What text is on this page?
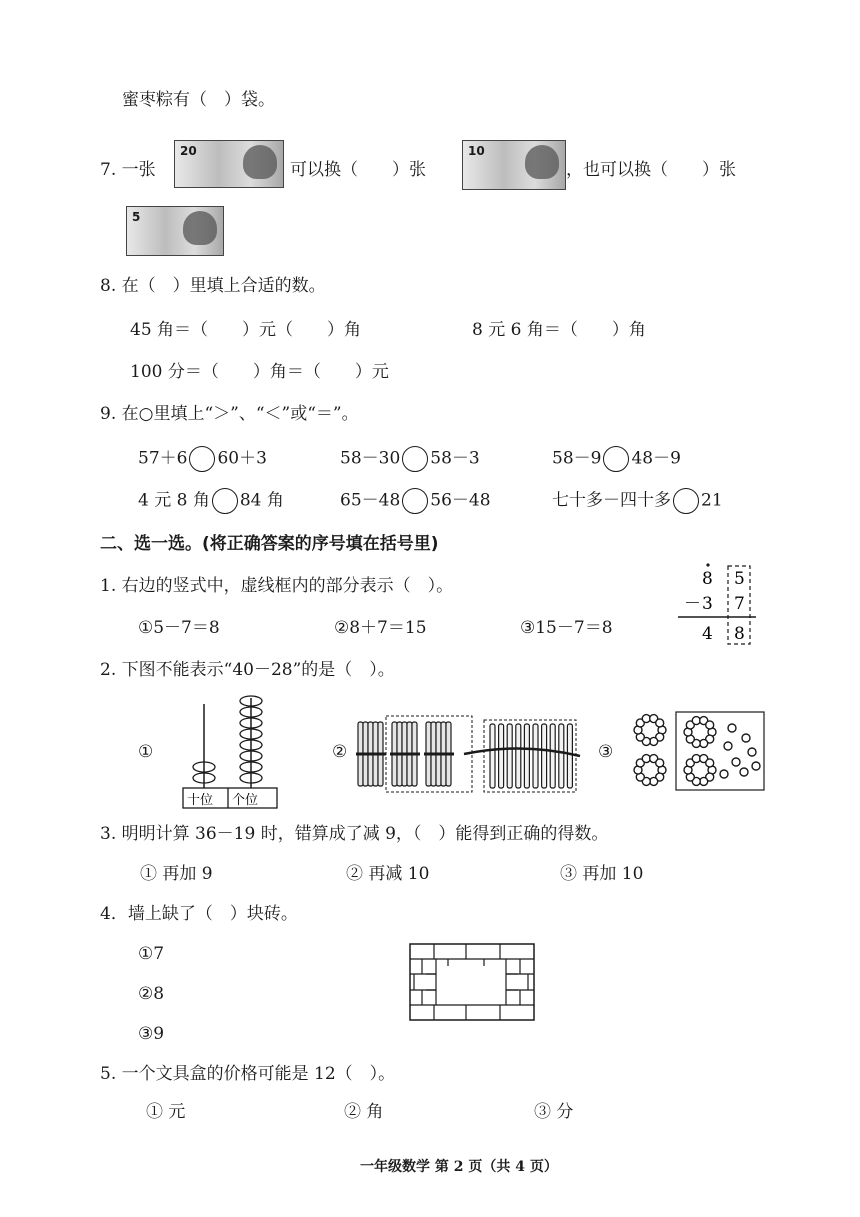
蜜枣粽有（　）袋。
7. 一张
20
可以换（　　）张
10
，也可以换（　　）张
5
8. 在（　）里填上合适的数。
45 角＝（　　）元（　　）角	8 元 6 角＝（　　）角
100 分＝（　　）角＝（　　）元
9. 在○里填上“＞”、“＜”或“＝”。
57＋6 60＋3	58－30 58－3	58－9 48－9
4 元 8 角 84 角	65－48 56－48	七十多－四十多 21
二、选一选。(将正确答案的序号填在括号里)
1. 右边的竖式中，虚线框内的部分表示（　）。
①5－7＝8	②8＋7＝15	③15－7＝8
8 5
－ 3 7
4 8
2. 下图不能表示“40－28”的是（　）。
①
十位 个位
②	③
3. 明明计算 36－19 时，错算成了减 9，（　）能得到正确的得数。
① 再加 9	② 再减 10	③ 再加 10
4．墙上缺了（　）块砖。
①7
②8
③9
5. 一个文具盒的价格可能是 12（　）。
① 元	② 角	③ 分
一年级数学 第 2 页（共 4 页）
